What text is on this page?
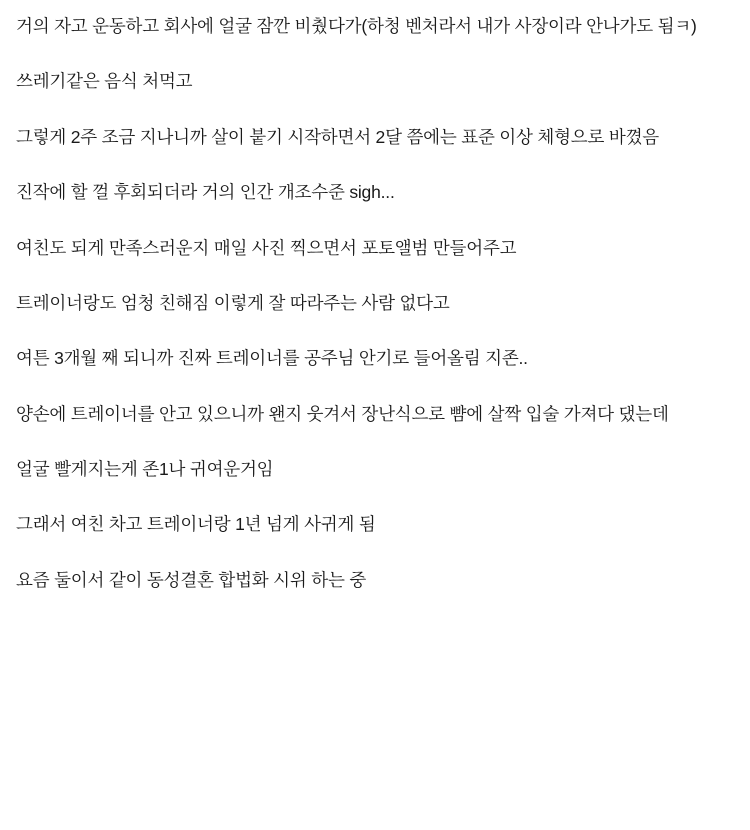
거의 자고 운동하고 회사에 얼굴 잠깐 비췄다가(하청 벤처라서 내가 사장이라 안나가도 됨ㅋ)

쓰레기같은 음식 처먹고

그렇게 2주 조금 지나니까 살이 붙기 시작하면서 2달 쯤에는 표준 이상 체형으로 바꼈음

진작에 할 껄 후회되더라 거의 인간 개조수준 sigh...

여친도 되게 만족스러운지 매일 사진 찍으면서 포토앨범 만들어주고

트레이너랑도 엄청 친해짐 이렇게 잘 따라주는 사람 없다고

여튼 3개월 째 되니까 진짜 트레이너를 공주님 안기로 들어올림 지존..

양손에 트레이너를 안고 있으니까 왠지 웃겨서 장난식으로 뺨에 살짝 입술 가져다 댔는데

얼굴 빨게지는게 존1나 귀여운거임

그래서 여친 차고 트레이너랑 1년 넘게 사귀게 됨

요즘 둘이서 같이 동성결혼 합법화 시위 하는 중
